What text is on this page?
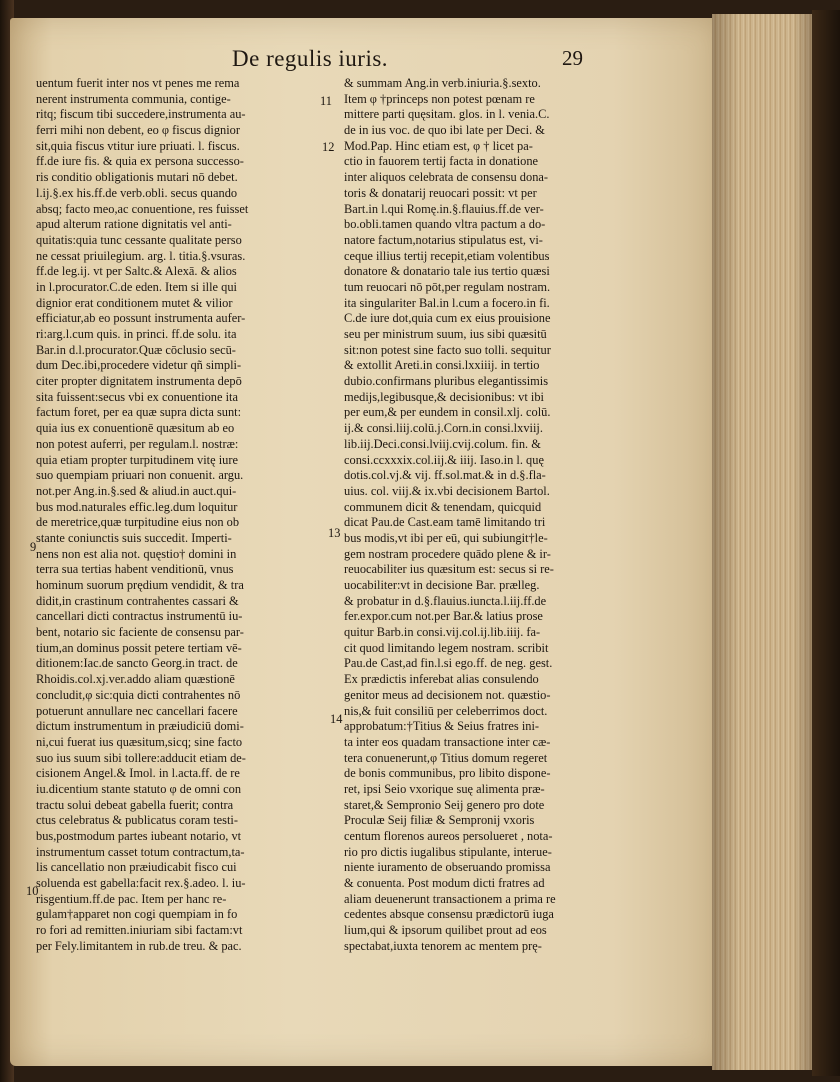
De regulis iuris.	29
uentum fuerit inter nos vt penes me rema
nerent instrumenta communia, contige-
ritq; fiscum tibi succedere,instrumenta au-
ferri mihi non debent, eo φ fiscus dignior
sit,quia fiscus vtitur iure priuati. l. fiscus.
ff.de iure fis. & quia ex persona successo-
ris conditio obligationis mutari nō debet.
l.ij.§.ex his.ff.de verb.obli. secus quando
absq; facto meo,ac conuentione, res fuisset
apud alterum ratione dignitatis vel anti-
quitatis:quia tunc cessante qualitate perso
ne cessat priuilegium. arg. l. titia.§.vsuras.
ff.de leg.ij. vt per Saltc.& Alexā. & alios
in l.procurator.C.de eden. Item si ille qui
dignior erat conditionem mutet & vilior
efficiatur,ab eo possunt instrumenta aufer-
ri:arg.l.cum quis. in princi. ff.de solu. ita
Bar.in d.l.procurator.Quæ cōclusio secū-
dum Dec.ibi,procedere videtur qñ simpli-
citer propter dignitatem instrumenta depō
sita fuissent:secus vbi ex conuentione ita
factum foret, per ea quæ supra dicta sunt:
quia ius ex conuentionē quæsitum ab eo
non potest auferri, per regulam.l. nostræ:
quia etiam propter turpitudinem vitę iure
suo quempiam priuari non conuenit. argu.
not.per Ang.in.§.sed & aliud.in auct.qui-
bus mod.naturales effic.leg.dum loquitur
de meretrice,quæ turpitudine eius non ob
stante coniunctis suis succedit. Imperti-
nens non est alia not. quęstio† domini in
terra sua tertias habent venditionū, vnus
hominum suorum prędium vendidit, & tra
didit,in crastinum contrahentes cassari &
cancellari dicti contractus instrumentū iu-
bent, notario sic faciente de consensu par-
tium,an dominus possit petere tertiam vē-
ditionem:Iac.de sancto Georg.in tract. de
Rhoidis.col.xj.ver.addo aliam quæstionē
concludit,φ sic:quia dicti contrahentes nō
potuerunt annullare nec cancellari facere
dictum instrumentum in præiudiciū domi-
ni,cui fuerat ius quæsitum,sicq; sine facto
suo ius suum sibi tollere:adducit etiam de-
cisionem Angel.& Imol. in l.acta.ff. de re
iu.dicentium stante statuto φ de omni con
tractu solui debeat gabella fuerit; contra
ctus celebratus & publicatus coram testi-
bus,postmodum partes iubeant notario, vt
instrumentum casset totum contractum,ta-
lis cancellatio non præiudicabit fisco cui
soluenda est gabella:facit rex.§.adeo. l. iu-
risgentium.ff.de pac. Item per hanc re-
gulam†apparet non cogi quempiam in fo
ro fori ad remitten.iniuriam sibi factam:vt
per Fely.limitantem in rub.de treu. & pac.
& summam Ang.in verb.iniuria.§.sexto.
Item φ †princeps non potest pœnam re
mittere parti quęsitam. glos. in l. venia.C.
de in ius voc. de quo ibi late per Deci. &
Mod.Pap. Hinc etiam est, φ † licet pa-
ctio in fauorem tertij facta in donatione
inter aliquos celebrata de consensu dona-
toris & donatarij reuocari possit: vt per
Bart.in l.qui Romę.in.§.flauius.ff.de ver-
bo.obli.tamen quando vltra pactum a do-
natore factum,notarius stipulatus est, vi-
ceque illius tertij recepit,etiam volentibus
donatore & donatario tale ius tertio quæsi
tum reuocari nō pōt,per regulam nostram.
ita singulariter Bal.in l.cum a focero.in fi.
C.de iure dot,quia cum ex eius prouisione
seu per ministrum suum, ius sibi quæsitū
sit:non potest sine facto suo tolli. sequitur
& extollit Areti.in consi.lxxiiij. in tertio
dubio.confirmans pluribus elegantissimis
medijs,legibusque,& decisionibus: vt ibi
per eum,& per eundem in consil.xlj. colū.
ij.& consi.liij.colū.j.Corn.in consi.lxviij.
lib.iij.Deci.consi.lviij.cvij.colum. fin. &
consi.ccxxxix.col.iij.& iiij. Iaso.in l. quę
dotis.col.vj.& vij. ff.sol.mat.& in d.§.fla-
uius. col. viij.& ix.vbi decisionem Bartol.
communem dicit & tenendam, quicquid
dicat Pau.de Cast.eam tamē limitando tri
bus modis,vt ibi per eū, qui subiungit†le-
gem nostram procedere quādo plene & ir-
reuocabiliter ius quæsitum est: secus si re-
uocabiliter:vt in decisione Bar. prælleg.
& probatur in d.§.flauius.iuncta.l.iij.ff.de
fer.expor.cum not.per Bar.& latius prose
quitur Barb.in consi.vij.col.ij.lib.iiij. fa-
cit quod limitando legem nostram. scribit
Pau.de Cast,ad fin.l.si ego.ff. de neg. gest.
Ex prædictis inferebat alias consulendo
genitor meus ad decisionem not. quæstio-
nis,& fuit consiliū per celeberrimos doct.
approbatum:†Titius & Seius fratres ini-
ta inter eos quadam transactione inter cæ-
tera conuenerunt,φ Titius domum regeret
de bonis communibus, pro libito dispone-
ret, ipsi Seio vxorique suę alimenta præ-
staret,& Sempronio Seij genero pro dote
Proculæ Seij filiæ & Sempronij vxoris
centum florenos aureos persolueret , nota-
rio pro dictis iugalibus stipulante, interue-
niente iuramento de obseruando promissa
& conuenta. Post modum dicti fratres ad
aliam deuenerunt transactionem a prima re
cedentes absque consensu prædictorū iuga
lium,qui & ipsorum quilibet prout ad eos
spectabat,iuxta tenorem ac mentem prę-
9
10
11
12
13
14
